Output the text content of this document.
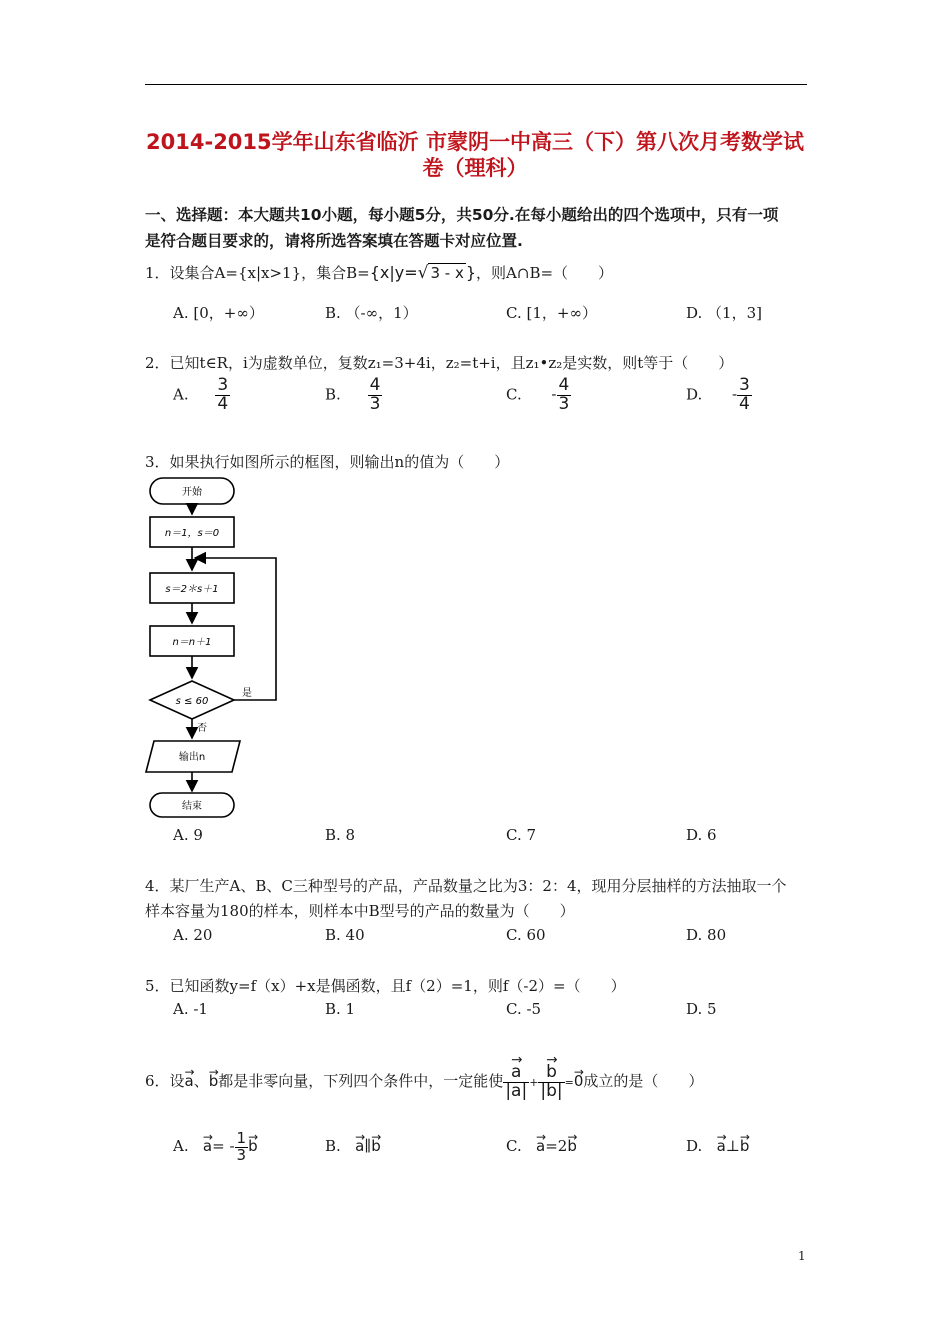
2014-2015学年山东省临沂 市蒙阴一中高三（下）第八次月考数学试
卷（理科）
一、选择题：本大题共10小题，每小题5分，共50分.在每小题给出的四个选项中，只有一项
是符合题目要求的，请将所选答案填在答题卡对应位置.
1．设集合A={x|x>1}，集合B={x|y=√ 3 - x }，则A∩B=（　　）
A. [0，+∞）	B. （-∞，1）	C. [1，+∞）	D. （1，3]
2．已知t∈R，i为虚数单位，复数z₁=3+4i，z₂=t+i，且z₁•z₂是实数，则t等于（　　）
A. $\frac{3}{4}$	B. $\frac{4}{3}$	C. - $\frac{4}{3}$	D. - $\frac{3}{4}$
3．如果执行如图所示的框图，则输出n的值为（　　）
开始
n＝1，s＝0
s＝2＊s＋1
n＝n＋1
s ≤ 60
是
否
输出n
结束
A. 9	B. 8	C. 7	D. 6
4．某厂生产A、B、C三种型号的产品，产品数量之比为3：2：4，现用分层抽样的方法抽取一个
样本容量为180的样本，则样本中B型号的产品的数量为（　　）
A. 20	B. 40	C. 60	D. 80
5．已知函数y=f（x）+x是偶函数，且f（2）=1，则f（-2）=（　　）
A. -1	B. 1	C. -5	D. 5
6．设→ a、→ b都是非零向量，下列四个条件中，一定能使
→ $\frac{a}{|a|}$ +
→ $\frac{b}{|b|} =\to 0$成立的是（　　）
A.   → $a= - \frac{1}{3}$
→ b	B.   → a∥→ b	C.   → a=2→ b	D.   → a⊥→ b
1
